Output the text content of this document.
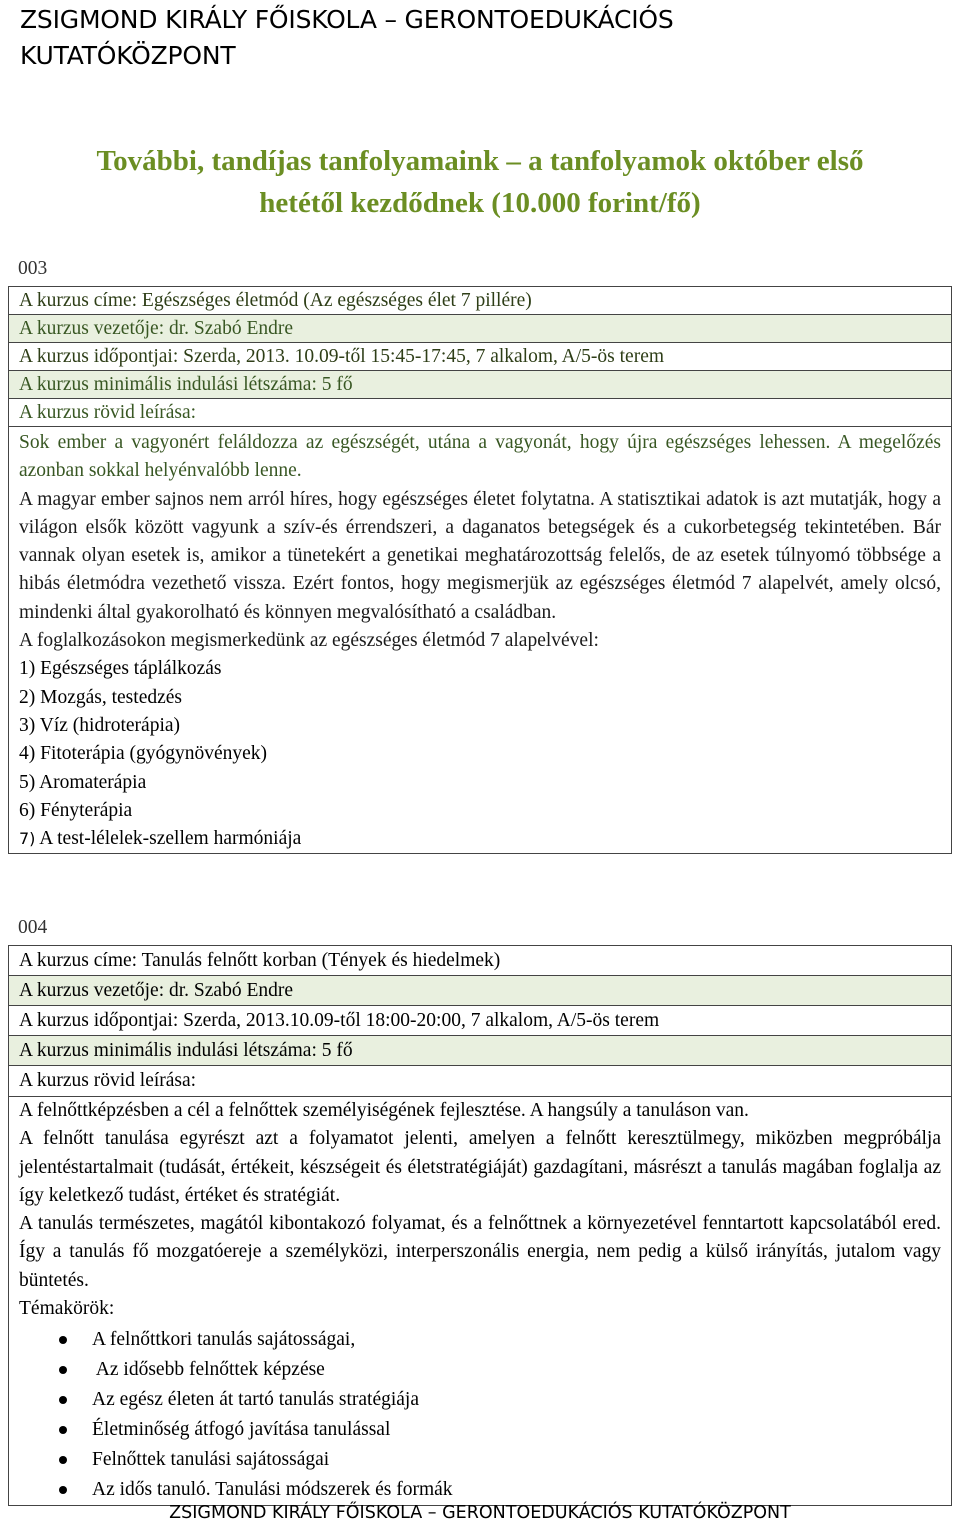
ZSIGMOND KIRÁLY FŐISKOLA – GERONTOEDUKÁCIÓS
KUTATÓKÖZPONT
További, tandíjas tanfolyamaink – a tanfolyamok október első
hetétől kezdődnek (10.000 forint/fő)
003
A kurzus címe: Egészséges életmód (Az egészséges élet 7 pillére)
A kurzus vezetője: dr. Szabó Endre
A kurzus időpontjai: Szerda, 2013. 10.09-től 15:45-17:45, 7 alkalom, A/5-ös terem
A kurzus minimális indulási létszáma: 5 fő
A kurzus rövid leírása:

Sok ember a vagyonért feláldozza az egészségét, utána a vagyonát, hogy újra egészséges lehessen. A megelőzés azonban sokkal helyénvalóbb lenne.

A magyar ember sajnos nem arról híres, hogy egészséges életet folytatna. A statisztikai adatok is azt mutatják, hogy a világon elsők között vagyunk a szív-és érrendszeri, a daganatos betegségek és a cukorbetegség tekintetében. Bár vannak olyan esetek is, amikor a tünetekért a genetikai meghatározottság felelős, de az esetek túlnyomó többsége a hibás életmódra vezethető vissza. Ezért fontos, hogy megismerjük az egészséges életmód 7 alapelvét, amely olcsó, mindenki által gyakorolható és könnyen megvalósítható a családban.

A foglalkozásokon megismerkedünk az egészséges életmód 7 alapelvével:

1) Egészséges táplálkozás
2) Mozgás, testedzés
3) Víz (hidroterápia)
4) Fitoterápia (gyógynövények)
5) Aromaterápia
6) Fényterápia
7) A test-lélelek-szellem harmóniája
004
A kurzus címe: Tanulás felnőtt korban (Tények és hiedelmek)
A kurzus vezetője: dr. Szabó Endre
A kurzus időpontjai: Szerda, 2013.10.09-től 18:00-20:00, 7 alkalom, A/5-ös terem
A kurzus minimális indulási létszáma: 5 fő
A kurzus rövid leírása:

A felnőttképzésben a cél a felnőttek személyiségének fejlesztése. A hangsúly a tanuláson van.

A felnőtt tanulása egyrészt azt a folyamatot jelenti, amelyen a felnőtt keresztülmegy, miközben megpróbálja jelentéstartalmait (tudását, értékeit, készségeit és életstratégiáját) gazdagítani, másrészt a tanulás magában foglalja az így keletkező tudást, értéket és stratégiát.

A tanulás természetes, magától kibontakozó folyamat, és a felnőttnek a környezetével fenntartott kapcsolatából ered. Így a tanulás fő mozgatóereje a személyközi, interperszonális energia, nem pedig a külső irányítás, jutalom vagy büntetés.

Témakörök:

A felnőttkori tanulás sajátosságai,
Az idősebb felnőttek képzése
Az egész életen át tartó tanulás stratégiája
Életminőség átfogó javítása tanulással
Felnőttek tanulási sajátosságai
Az idős tanuló. Tanulási módszerek és formák
ZSIGMOND KIRÁLY FŐISKOLA – GERONTOEDUKÁCIÓS KUTATÓKÖZPONT
